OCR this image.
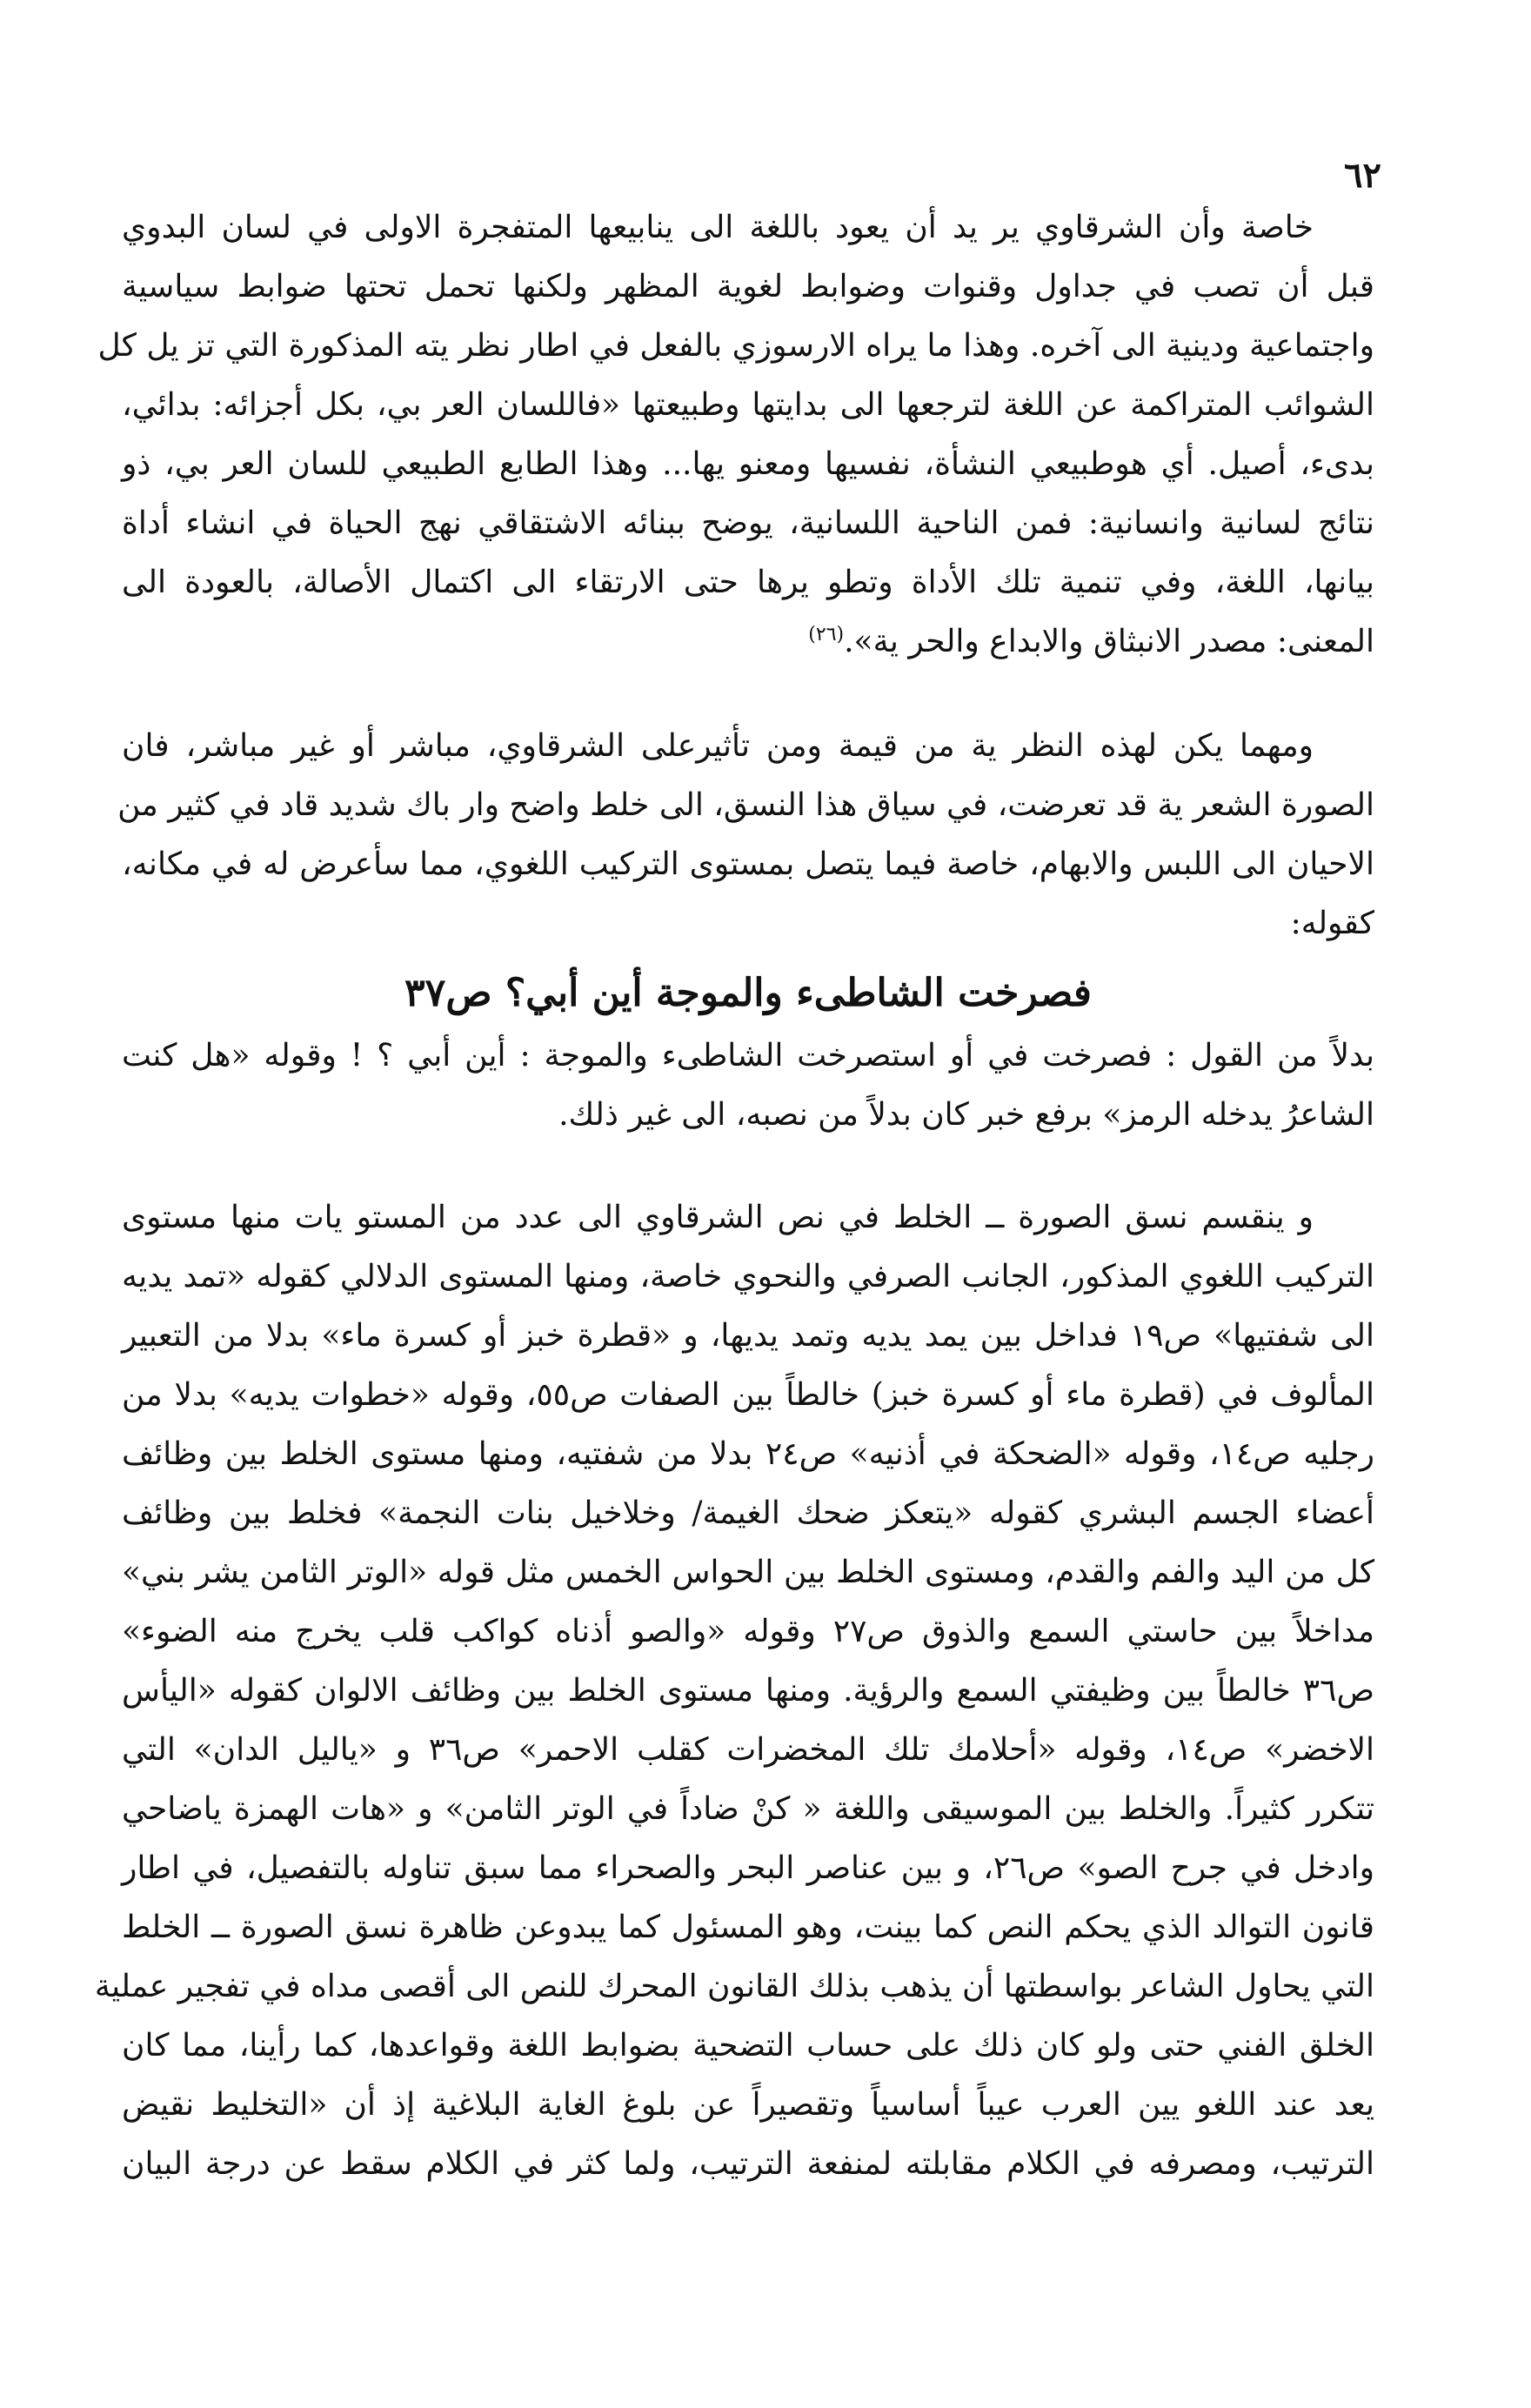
٦٢
خاصة وأن الشرقاوي ير يد أن يعود باللغة الى ينابيعها المتفجرة الاولى في لسان البدوي
قبل أن تصب في جداول وقنوات وضوابط لغوية المظهر ولكنها تحمل تحتها ضوابط سياسية
واجتماعية ودينية الى آخره. وهذا ما يراه الارسوزي بالفعل في اطار نظر يته المذكورة التي تز يل كل
الشوائب المتراكمة عن اللغة لترجعها الى بدايتها وطبيعتها «فاللسان العر بي، بكل أجزائه: بدائي،
بدىء، أصيل. أي هوطبيعي النشأة، نفسيها ومعنو يها... وهذا الطابع الطبيعي للسان العر بي، ذو
نتائج لسانية وانسانية: فمن الناحية اللسانية، يوضح ببنائه الاشتقاقي نهج الحياة في انشاء أداة
بيانها، اللغة، وفي تنمية تلك الأداة وتطو يرها حتى الارتقاء الى اكتمال الأصالة، بالعودة الى
المعنى: مصدر الانبثاق والابداع والحر ية».$^{(٢٦)}$
ومهما يكن لهذه النظر ية من قيمة ومن تأثيرعلى الشرقاوي، مباشر أو غير مباشر، فان
الصورة الشعر ية قد تعرضت، في سياق هذا النسق، الى خلط واضح وار باك شديد قاد في كثير من
الاحيان الى اللبس والابهام، خاصة فيما يتصل بمستوى التركيب اللغوي، مما سأعرض له في مكانه،
كقوله:
فصرخت الشاطىء والموجة أين أبي؟ ص٣٧
بدلاً من القول : فصرخت في أو استصرخت الشاطىء والموجة : أين أبي ؟ ! وقوله «هل كنت
الشاعرُ يدخله الرمز» برفع خبر كان بدلاً من نصبه، الى غير ذلك.
و ينقسم نسق الصورة ــ الخلط في نص الشرقاوي الى عدد من المستو يات منها مستوى
التركيب اللغوي المذكور، الجانب الصرفي والنحوي خاصة، ومنها المستوى الدلالي كقوله «تمد يديه
الى شفتيها» ص١٩ فداخل بين يمد يديه وتمد يديها، و «قطرة خبز أو كسرة ماء» بدلا من التعبير
المألوف في (قطرة ماء أو كسرة خبز) خالطاً بين الصفات ص٥٥، وقوله «خطوات يديه» بدلا من
رجليه ص١٤، وقوله «الضحكة في أذنيه» ص٢٤ بدلا من شفتيه، ومنها مستوى الخلط بين وظائف
أعضاء الجسم البشري كقوله «يتعكز ضحك الغيمة/ وخلاخيل بنات النجمة» فخلط بين وظائف
كل من اليد والفم والقدم، ومستوى الخلط بين الحواس الخمس مثل قوله «الوتر الثامن يشر بني»
مداخلاً بين حاستي السمع والذوق ص٢٧ وقوله «والصو أذناه كواكب قلب يخرج منه الضوء»
ص٣٦ خالطاً بين وظيفتي السمع والرؤية. ومنها مستوى الخلط بين وظائف الالوان كقوله «اليأس
الاخضر» ص١٤، وقوله «أحلامك تلك المخضرات كقلب الاحمر» ص٣٦ و «ياليل الدان» التي
تتكرر كثيراً. والخلط بين الموسيقى واللغة « كنْ ضاداً في الوتر الثامن» و «هات الهمزة ياضاحي
وادخل في جرح الصو» ص٢٦، و بين عناصر البحر والصحراء مما سبق تناوله بالتفصيل، في اطار
قانون التوالد الذي يحكم النص كما بينت، وهو المسئول كما يبدوعن ظاهرة نسق الصورة ــ الخلط
التي يحاول الشاعر بواسطتها أن يذهب بذلك القانون المحرك للنص الى أقصى مداه في تفجير عملية
الخلق الفني حتى ولو كان ذلك على حساب التضحية بضوابط اللغة وقواعدها، كما رأينا، مما كان
يعد عند اللغو يين العرب عيباً أساسياً وتقصيراً عن بلوغ الغاية البلاغية إذ أن «التخليط نقيض
الترتيب، ومصرفه في الكلام مقابلته لمنفعة الترتيب، ولما كثر في الكلام سقط عن درجة البيان
